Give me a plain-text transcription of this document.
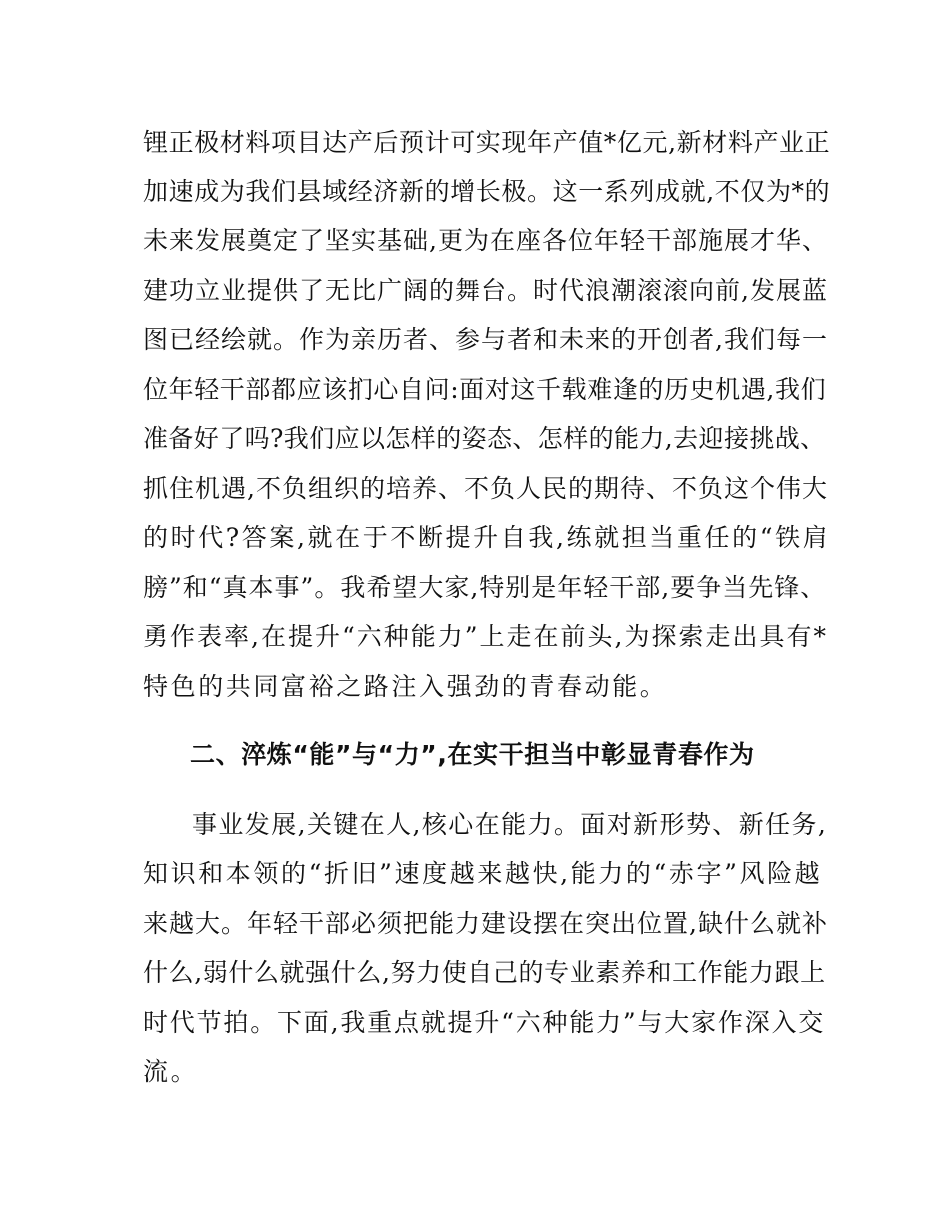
锂正极材料项目达产后预计可实现年产值*亿元,新材料产业正
加速成为我们县域经济新的增长极。这一系列成就,不仅为*的
未来发展奠定了坚实基础,更为在座各位年轻干部施展才华、
建功立业提供了无比广阔的舞台。时代浪潮滚滚向前,发展蓝
图已经绘就。作为亲历者、参与者和未来的开创者,我们每一
位年轻干部都应该扪心自问:面对这千载难逢的历史机遇,我们
准备好了吗?我们应以怎样的姿态、怎样的能力,去迎接挑战、
抓住机遇,不负组织的培养、不负人民的期待、不负这个伟大
的时代?答案,就在于不断提升自我,练就担当重任的“铁肩
膀”和“真本事”。我希望大家,特别是年轻干部,要争当先锋、
勇作表率,在提升“六种能力”上走在前头,为探索走出具有*
特色的共同富裕之路注入强劲的青春动能。
二、淬炼“能”与“力”,在实干担当中彰显青春作为
事业发展,关键在人,核心在能力。面对新形势、新任务,
知识和本领的“折旧”速度越来越快,能力的“赤字”风险越
来越大。年轻干部必须把能力建设摆在突出位置,缺什么就补
什么,弱什么就强什么,努力使自己的专业素养和工作能力跟上
时代节拍。下面,我重点就提升“六种能力”与大家作深入交
流。
